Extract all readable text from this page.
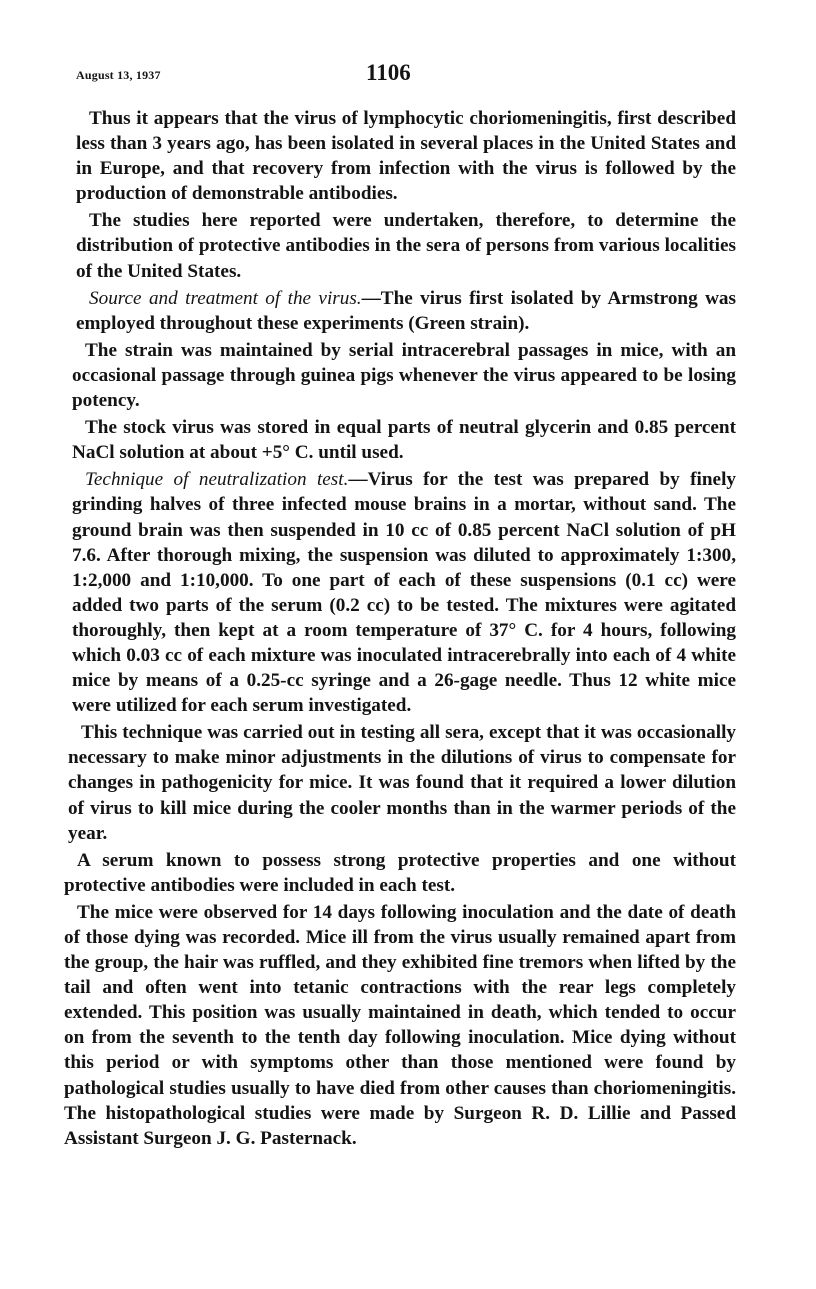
August 13, 1937	1106

Thus it appears that the virus of lymphocytic choriomeningitis, first described less than 3 years ago, has been isolated in several places in the United States and in Europe, and that recovery from infection with the virus is followed by the production of demonstrable antibodies.

The studies here reported were undertaken, therefore, to determine the distribution of protective antibodies in the sera of persons from various localities of the United States.

Source and treatment of the virus.—The virus first isolated by Armstrong was employed throughout these experiments (Green strain).

The strain was maintained by serial intracerebral passages in mice, with an occasional passage through guinea pigs whenever the virus appeared to be losing potency.

The stock virus was stored in equal parts of neutral glycerin and 0.85 percent NaCl solution at about +5° C. until used.

Technique of neutralization test.—Virus for the test was prepared by finely grinding halves of three infected mouse brains in a mortar, without sand. The ground brain was then suspended in 10 cc of 0.85 percent NaCl solution of pH 7.6. After thorough mixing, the suspension was diluted to approximately 1:300, 1:2,000 and 1:10,000. To one part of each of these suspensions (0.1 cc) were added two parts of the serum (0.2 cc) to be tested. The mixtures were agitated thoroughly, then kept at a room temperature of 37° C. for 4 hours, following which 0.03 cc of each mixture was inoculated intracerebrally into each of 4 white mice by means of a 0.25-cc syringe and a 26-gage needle. Thus 12 white mice were utilized for each serum investigated.

This technique was carried out in testing all sera, except that it was occasionally necessary to make minor adjustments in the dilutions of virus to compensate for changes in pathogenicity for mice. It was found that it required a lower dilution of virus to kill mice during the cooler months than in the warmer periods of the year.

A serum known to possess strong protective properties and one without protective antibodies were included in each test.

The mice were observed for 14 days following inoculation and the date of death of those dying was recorded. Mice ill from the virus usually remained apart from the group, the hair was ruffled, and they exhibited fine tremors when lifted by the tail and often went into tetanic contractions with the rear legs completely extended. This position was usually maintained in death, which tended to occur on from the seventh to the tenth day following inoculation. Mice dying without this period or with symptoms other than those mentioned were found by pathological studies usually to have died from other causes than choriomeningitis. The histopathological studies were made by Surgeon R. D. Lillie and Passed Assistant Surgeon J. G. Pasternack.
